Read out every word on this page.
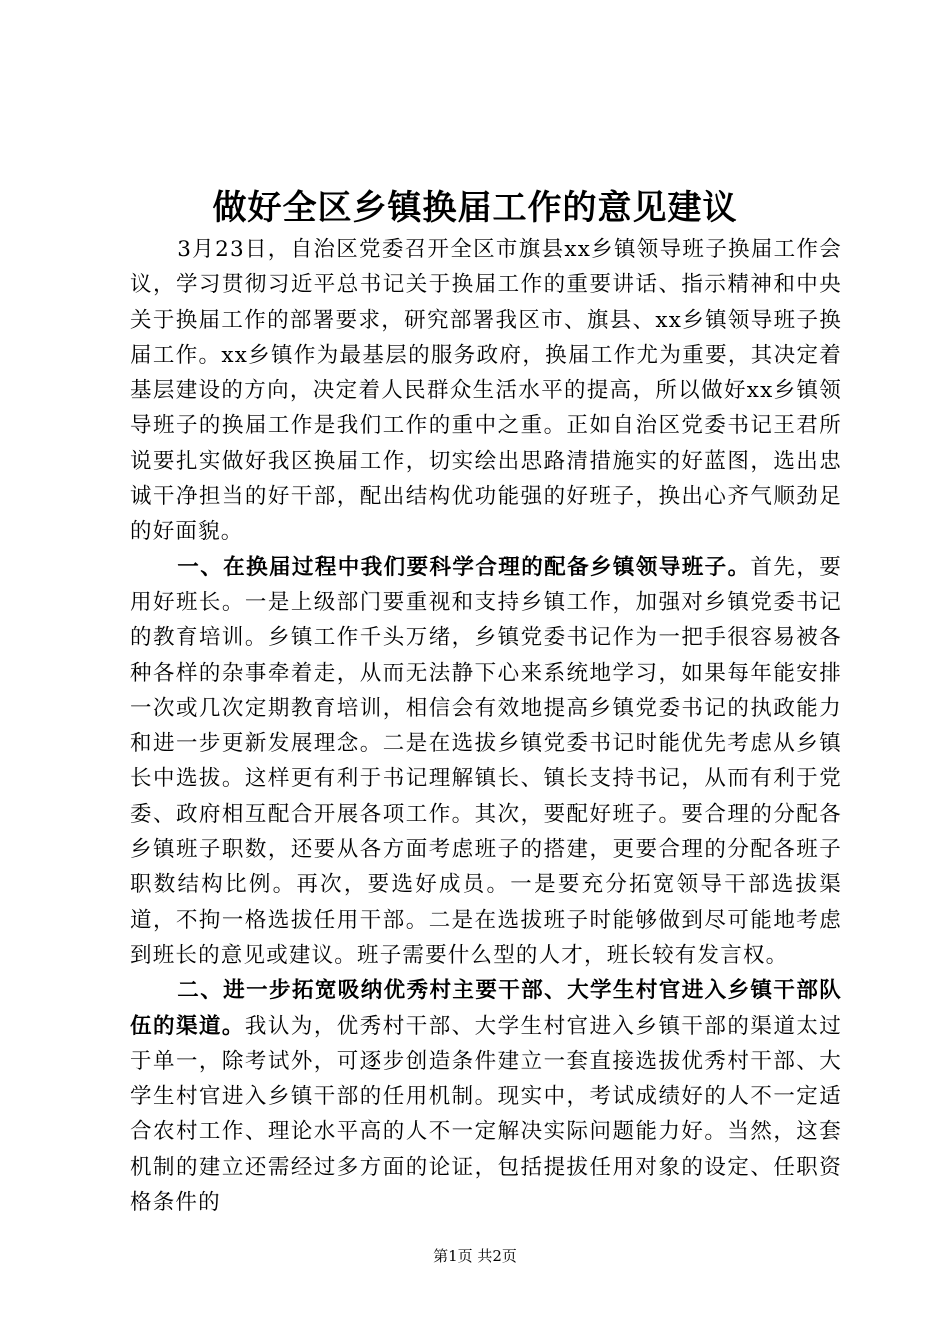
做好全区乡镇换届工作的意见建议

3月23日，自治区党委召开全区市旗县xx乡镇领导班子换届工作会议，学习贯彻习近平总书记关于换届工作的重要讲话、指示精神和中央关于换届工作的部署要求，研究部署我区市、旗县、xx乡镇领导班子换届工作。xx乡镇作为最基层的服务政府，换届工作尤为重要，其决定着基层建设的方向，决定着人民群众生活水平的提高，所以做好xx乡镇领导班子的换届工作是我们工作的重中之重。正如自治区党委书记王君所说要扎实做好我区换届工作，切实绘出思路清措施实的好蓝图，选出忠诚干净担当的好干部，配出结构优功能强的好班子，换出心齐气顺劲足的好面貌。

一、在换届过程中我们要科学合理的配备乡镇领导班子。首先，要用好班长。一是上级部门要重视和支持乡镇工作，加强对乡镇党委书记的教育培训。乡镇工作千头万绪，乡镇党委书记作为一把手很容易被各种各样的杂事牵着走，从而无法静下心来系统地学习，如果每年能安排一次或几次定期教育培训，相信会有效地提高乡镇党委书记的执政能力和进一步更新发展理念。二是在选拔乡镇党委书记时能优先考虑从乡镇长中选拔。这样更有利于书记理解镇长、镇长支持书记，从而有利于党委、政府相互配合开展各项工作。其次，要配好班子。要合理的分配各乡镇班子职数，还要从各方面考虑班子的搭建，更要合理的分配各班子职数结构比例。再次，要选好成员。一是要充分拓宽领导干部选拔渠道，不拘一格选拔任用干部。二是在选拔班子时能够做到尽可能地考虑到班长的意见或建议。班子需要什么型的人才，班长较有发言权。

二、进一步拓宽吸纳优秀村主要干部、大学生村官进入乡镇干部队伍的渠道。我认为，优秀村干部、大学生村官进入乡镇干部的渠道太过于单一，除考试外，可逐步创造条件建立一套直接选拔优秀村干部、大学生村官进入乡镇干部的任用机制。现实中，考试成绩好的人不一定适合农村工作、理论水平高的人不一定解决实际问题能力好。当然，这套机制的建立还需经过多方面的论证，包括提拔任用对象的设定、任职资格条件的

第1页 共2页
